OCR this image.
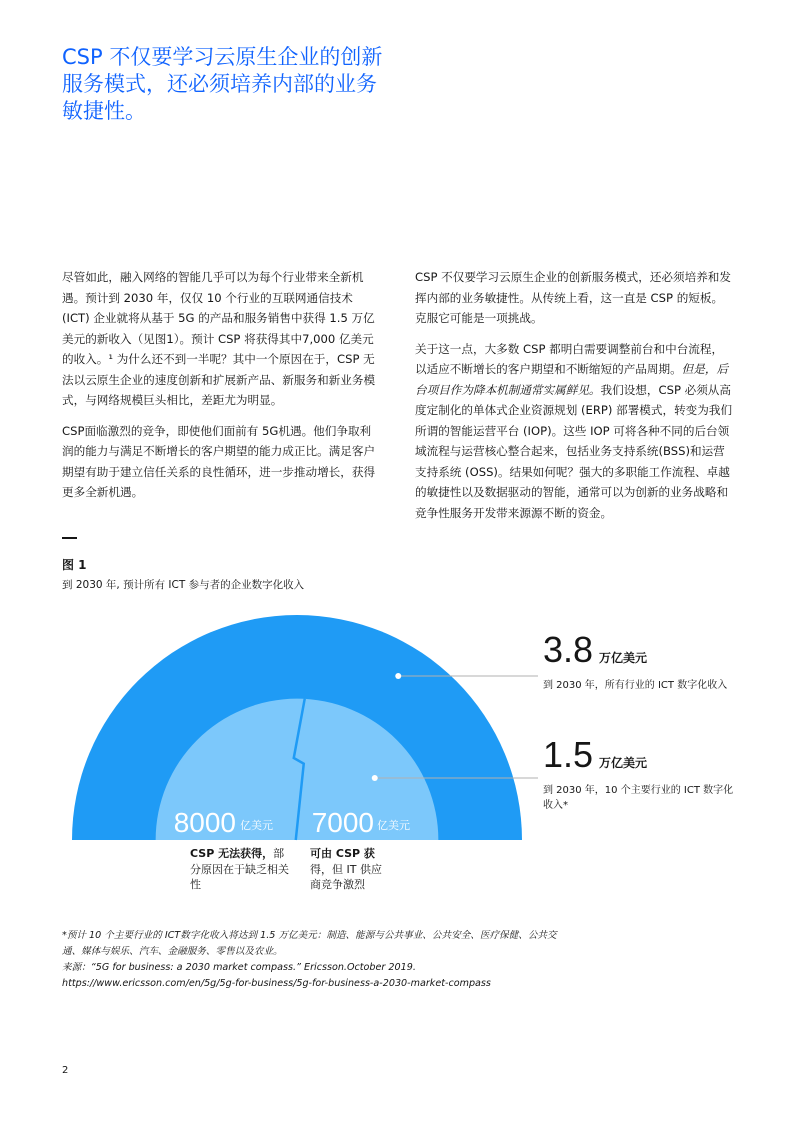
CSP 不仅要学习云原生企业的创新服务模式，还必须培养内部的业务敏捷性。

尽管如此，融入网络的智能几乎可以为每个行业带来全新机遇。预计到 2030 年，仅仅 10 个行业的互联网通信技术 (ICT) 企业就将从基于 5G 的产品和服务销售中获得 1.5 万亿美元的新收入（见图1）。预计 CSP 将获得其中7,000 亿美元的收入。¹ 为什么还不到一半呢？其中一个原因在于，CSP 无法以云原生企业的速度创新和扩展新产品、新服务和新业务模式，与网络规模巨头相比，差距尤为明显。

CSP面临激烈的竞争，即使他们面前有 5G机遇。他们争取利润的能力与满足不断增长的客户期望的能力成正比。满足客户期望有助于建立信任关系的良性循环，进一步推动增长，获得更多全新机遇。

CSP 不仅要学习云原生企业的创新服务模式，还必须培养和发挥内部的业务敏捷性。从传统上看，这一直是 CSP 的短板。克服它可能是一项挑战。

关于这一点，大多数 CSP 都明白需要调整前台和中台流程，以适应不断增长的客户期望和不断缩短的产品周期。但是，后台项目作为降本机制通常实属鲜见。我们设想，CSP 必须从高度定制化的单体式企业资源规划 (ERP) 部署模式，转变为我们所谓的智能运营平台 (IOP)。这些 IOP 可将各种不同的后台领域流程与运营核心整合起来，包括业务支持系统(BSS)和运营支持系统 (OSS)。结果如何呢？强大的多职能工作流程、卓越的敏捷性以及数据驱动的智能，通常可以为创新的业务战略和竞争性服务开发带来源源不断的资金。

图 1
到 2030 年, 预计所有 ICT 参与者的企业数字化收入
8000 亿美元 7000 亿美元
3.8 万亿美元
到 2030 年，所有行业的 ICT 数字化收入
1.5 万亿美元
到 2030 年，10 个主要行业的 ICT 数字化收入*
CSP 无法获得，部分原因在于缺乏相关性
可由 CSP 获得，但 IT 供应商竞争激烈

*预计 10 个主要行业的 ICT数字化收入将达到 1.5 万亿美元：制造、能源与公共事业、公共安全、医疗保健、公共交通、媒体与娱乐、汽车、金融服务、零售以及农业。

来源：“5G for business: a 2030 market compass.” Ericsson.October 2019. https://www.ericsson.com/en/5g/5g-for-business/5g-for-business-a-2030-market-compass

2
